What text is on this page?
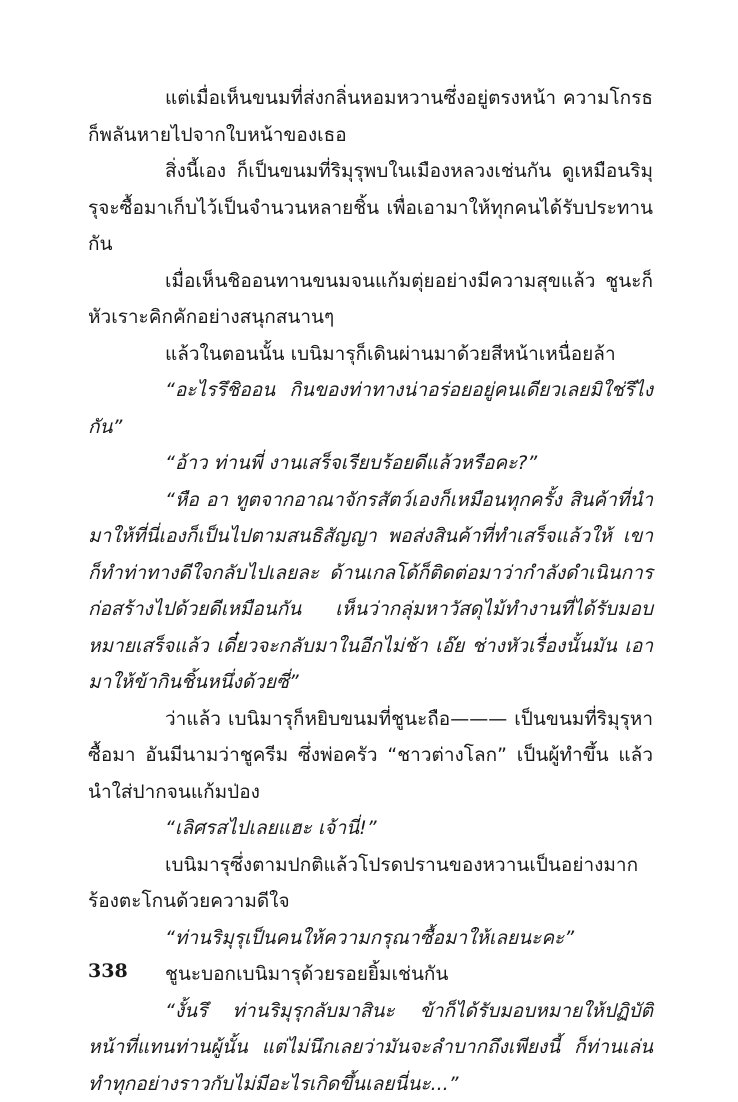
แต่เมื่อเห็นขนมที่ส่งกลิ่นหอมหวานซึ่งอยู่ตรงหน้า ความโกรธก็พลันหายไปจากใบหน้าของเธอ

สิ่งนี้เอง ก็เป็นขนมที่ริมุรุพบในเมืองหลวงเช่นกัน ดูเหมือนริมุรุจะซื้อมาเก็บไว้เป็นจำนวนหลายชิ้น เพื่อเอามาให้ทุกคนได้รับประทานกัน

เมื่อเห็นชิออนทานขนมจนแก้มตุ่ยอย่างมีความสุขแล้ว ชูนะก็หัวเราะคิกคักอย่างสนุกสนานๆ

แล้วในตอนนั้น เบนิมารุก็เดินผ่านมาด้วยสีหน้าเหนื่อยล้า

“อะไรรึชิออน กินของท่าทางน่าอร่อยอยู่คนเดียวเลยมิใช่รึไงกัน”

“อ้าว ท่านพี่ งานเสร็จเรียบร้อยดีแล้วหรือคะ?”

“หือ อา ทูตจากอาณาจักรสัตว์เองก็เหมือนทุกครั้ง สินค้าที่นำมาให้ที่นี่เองก็เป็นไปตามสนธิสัญญา พอส่งสินค้าที่ทำเสร็จแล้วให้ เขาก็ทำท่าทางดีใจกลับไปเลยละ ด้านเกลโด้ก็ติดต่อมาว่ากำลังดำเนินการก่อสร้างไปด้วยดีเหมือนกัน เห็นว่ากลุ่มหาวัสดุไม้ทำงานที่ได้รับมอบหมายเสร็จแล้ว เดี๋ยวจะกลับมาในอีกไม่ช้า เอ๊ย ช่างหัวเรื่องนั้นมัน เอามาให้ข้ากินชิ้นหนึ่งด้วยซี่”

ว่าแล้ว เบนิมารุก็หยิบขนมที่ชูนะถือ——— เป็นขนมที่ริมุรุหาซื้อมา อันมีนามว่าชูครีม ซึ่งพ่อครัว “ชาวต่างโลก” เป็นผู้ทำขึ้น แล้วนำใส่ปากจนแก้มป่อง

“เลิศรสไปเลยแฮะ เจ้านี่!”

เบนิมารุซึ่งตามปกติแล้วโปรดปรานของหวานเป็นอย่างมากร้องตะโกนด้วยความดีใจ

“ท่านริมุรุเป็นคนให้ความกรุณาซื้อมาให้เลยนะคะ”

ชูนะบอกเบนิมารุด้วยรอยยิ้มเช่นกัน

“งั้นรึ ท่านริมุรุกลับมาสินะ ข้าก็ได้รับมอบหมายให้ปฏิบัติหน้าที่แทนท่านผู้นั้น แต่ไม่นึกเลยว่ามันจะลำบากถึงเพียงนี้ ก็ท่านเล่นทำทุกอย่างราวกับไม่มีอะไรเกิดขึ้นเลยนี่นะ...”

338
